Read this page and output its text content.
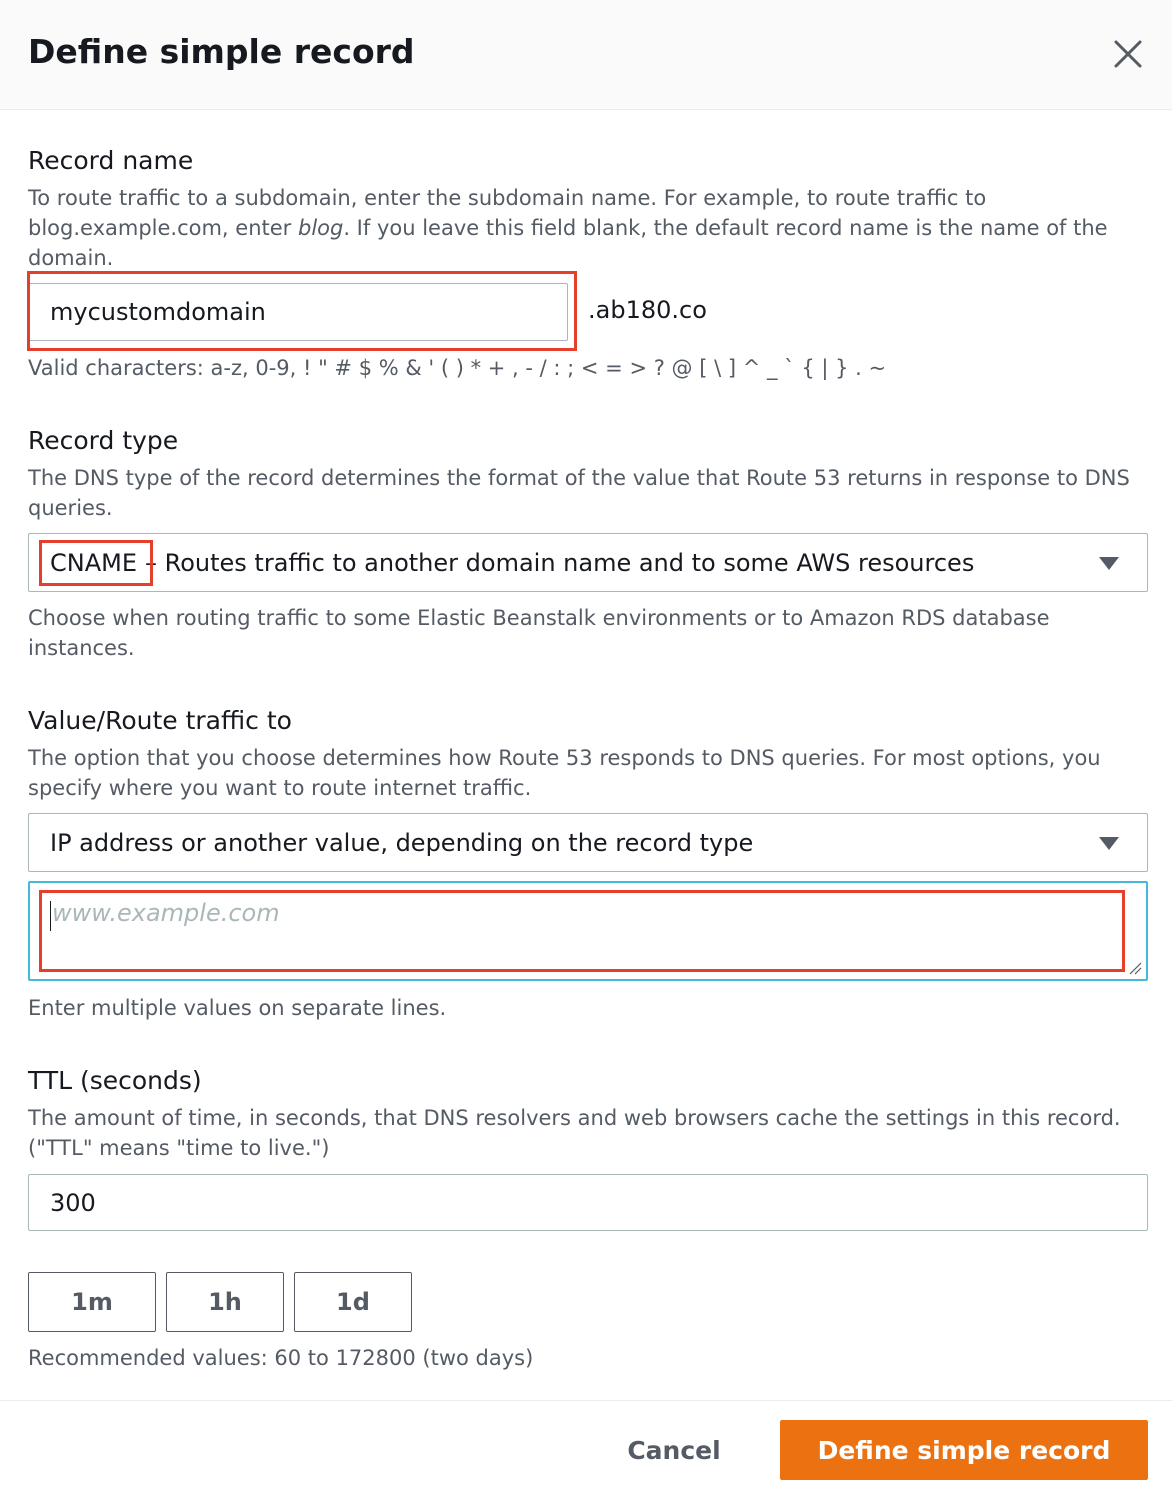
Define simple record
Record name
To route traffic to a subdomain, enter the subdomain name. For example, to route traffic to blog.example.com, enter blog. If you leave this field blank, the default record name is the name of the domain.
mycustomdomain	.ab180.co
Valid characters: a-z, 0-9, ! " # $ % & ' ( ) * + , - / : ; < = > ? @ [ \ ] ^ _ ` { | } . ~
Record type
The DNS type of the record determines the format of the value that Route 53 returns in response to DNS queries.
CNAME – Routes traffic to another domain name and to some AWS resources
Choose when routing traffic to some Elastic Beanstalk environments or to Amazon RDS database instances.
Value/Route traffic to
The option that you choose determines how Route 53 responds to DNS queries. For most options, you specify where you want to route internet traffic.
IP address or another value, depending on the record type
www.example.com
Enter multiple values on separate lines.
TTL (seconds)
The amount of time, in seconds, that DNS resolvers and web browsers cache the settings in this record. ("TTL" means "time to live.")
300
1m	1h	1d
Recommended values: 60 to 172800 (two days)
Cancel	Define simple record
